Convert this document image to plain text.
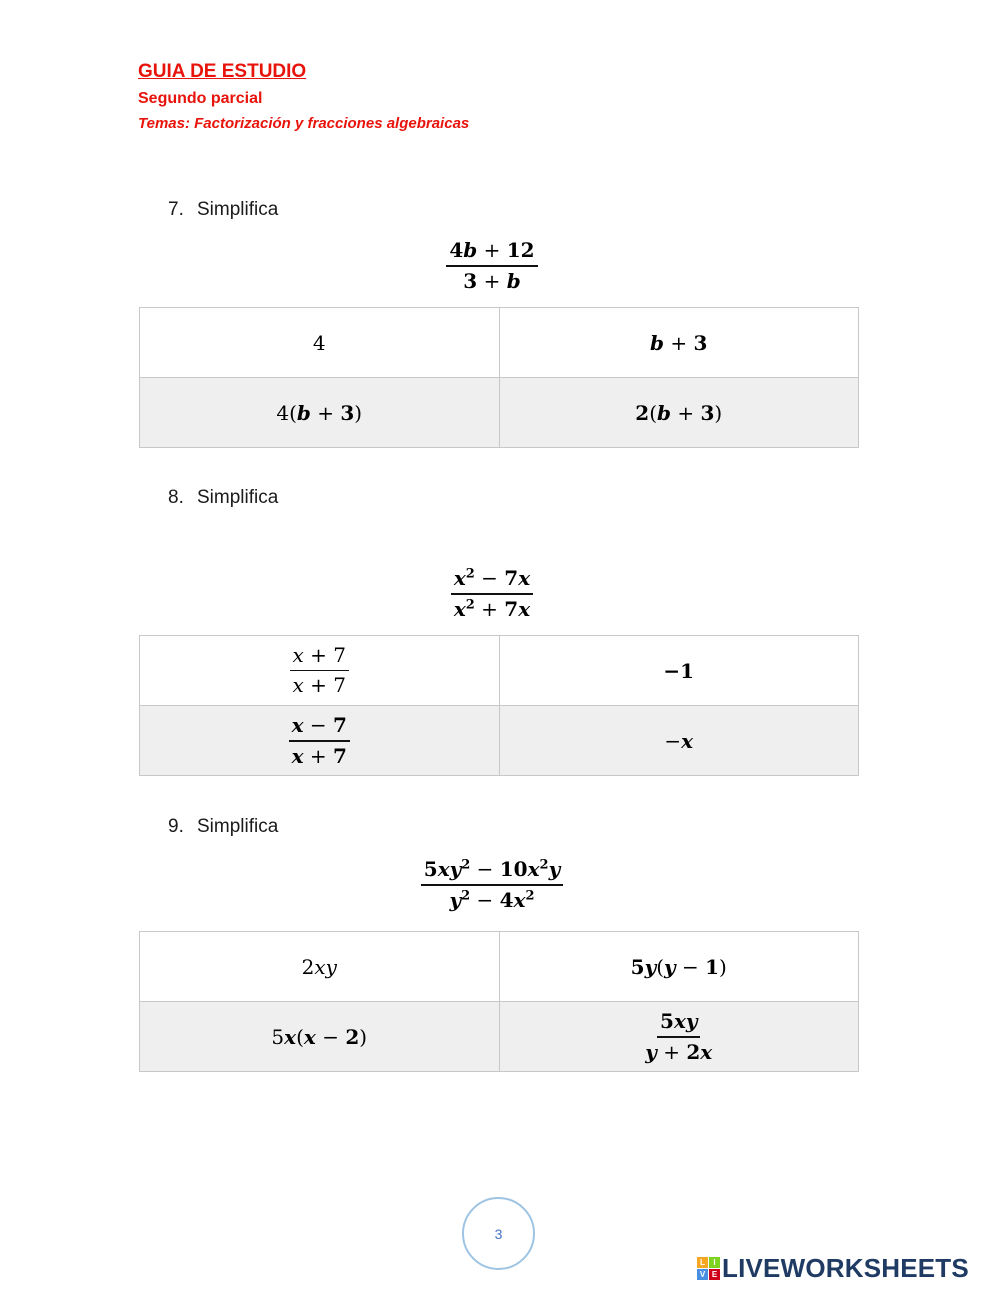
GUIA DE ESTUDIO
Segundo parcial
Temas: Factorización y fracciones algebraicas
7. Simplifica
$\frac{4b + 12}{3 + b}$
4	b + 3
4(b + 3)	2(b + 3)
8. Simplifica
$\frac{x^2 - 7x}{x^2 + 7x}$
$\frac{x + 7}{x + 7}$	−1

$\frac{x - 7}{x + 7}$	−x
9. Simplifica
$\frac{5xy^2 - 10x^2y}{y^2 - 4x^2}$
2xy	5y(y − 1)
5x(x − 2)	$\frac{5xy}{y + 2x}$
3
L	I
V E LIVEWORKSHEETS
